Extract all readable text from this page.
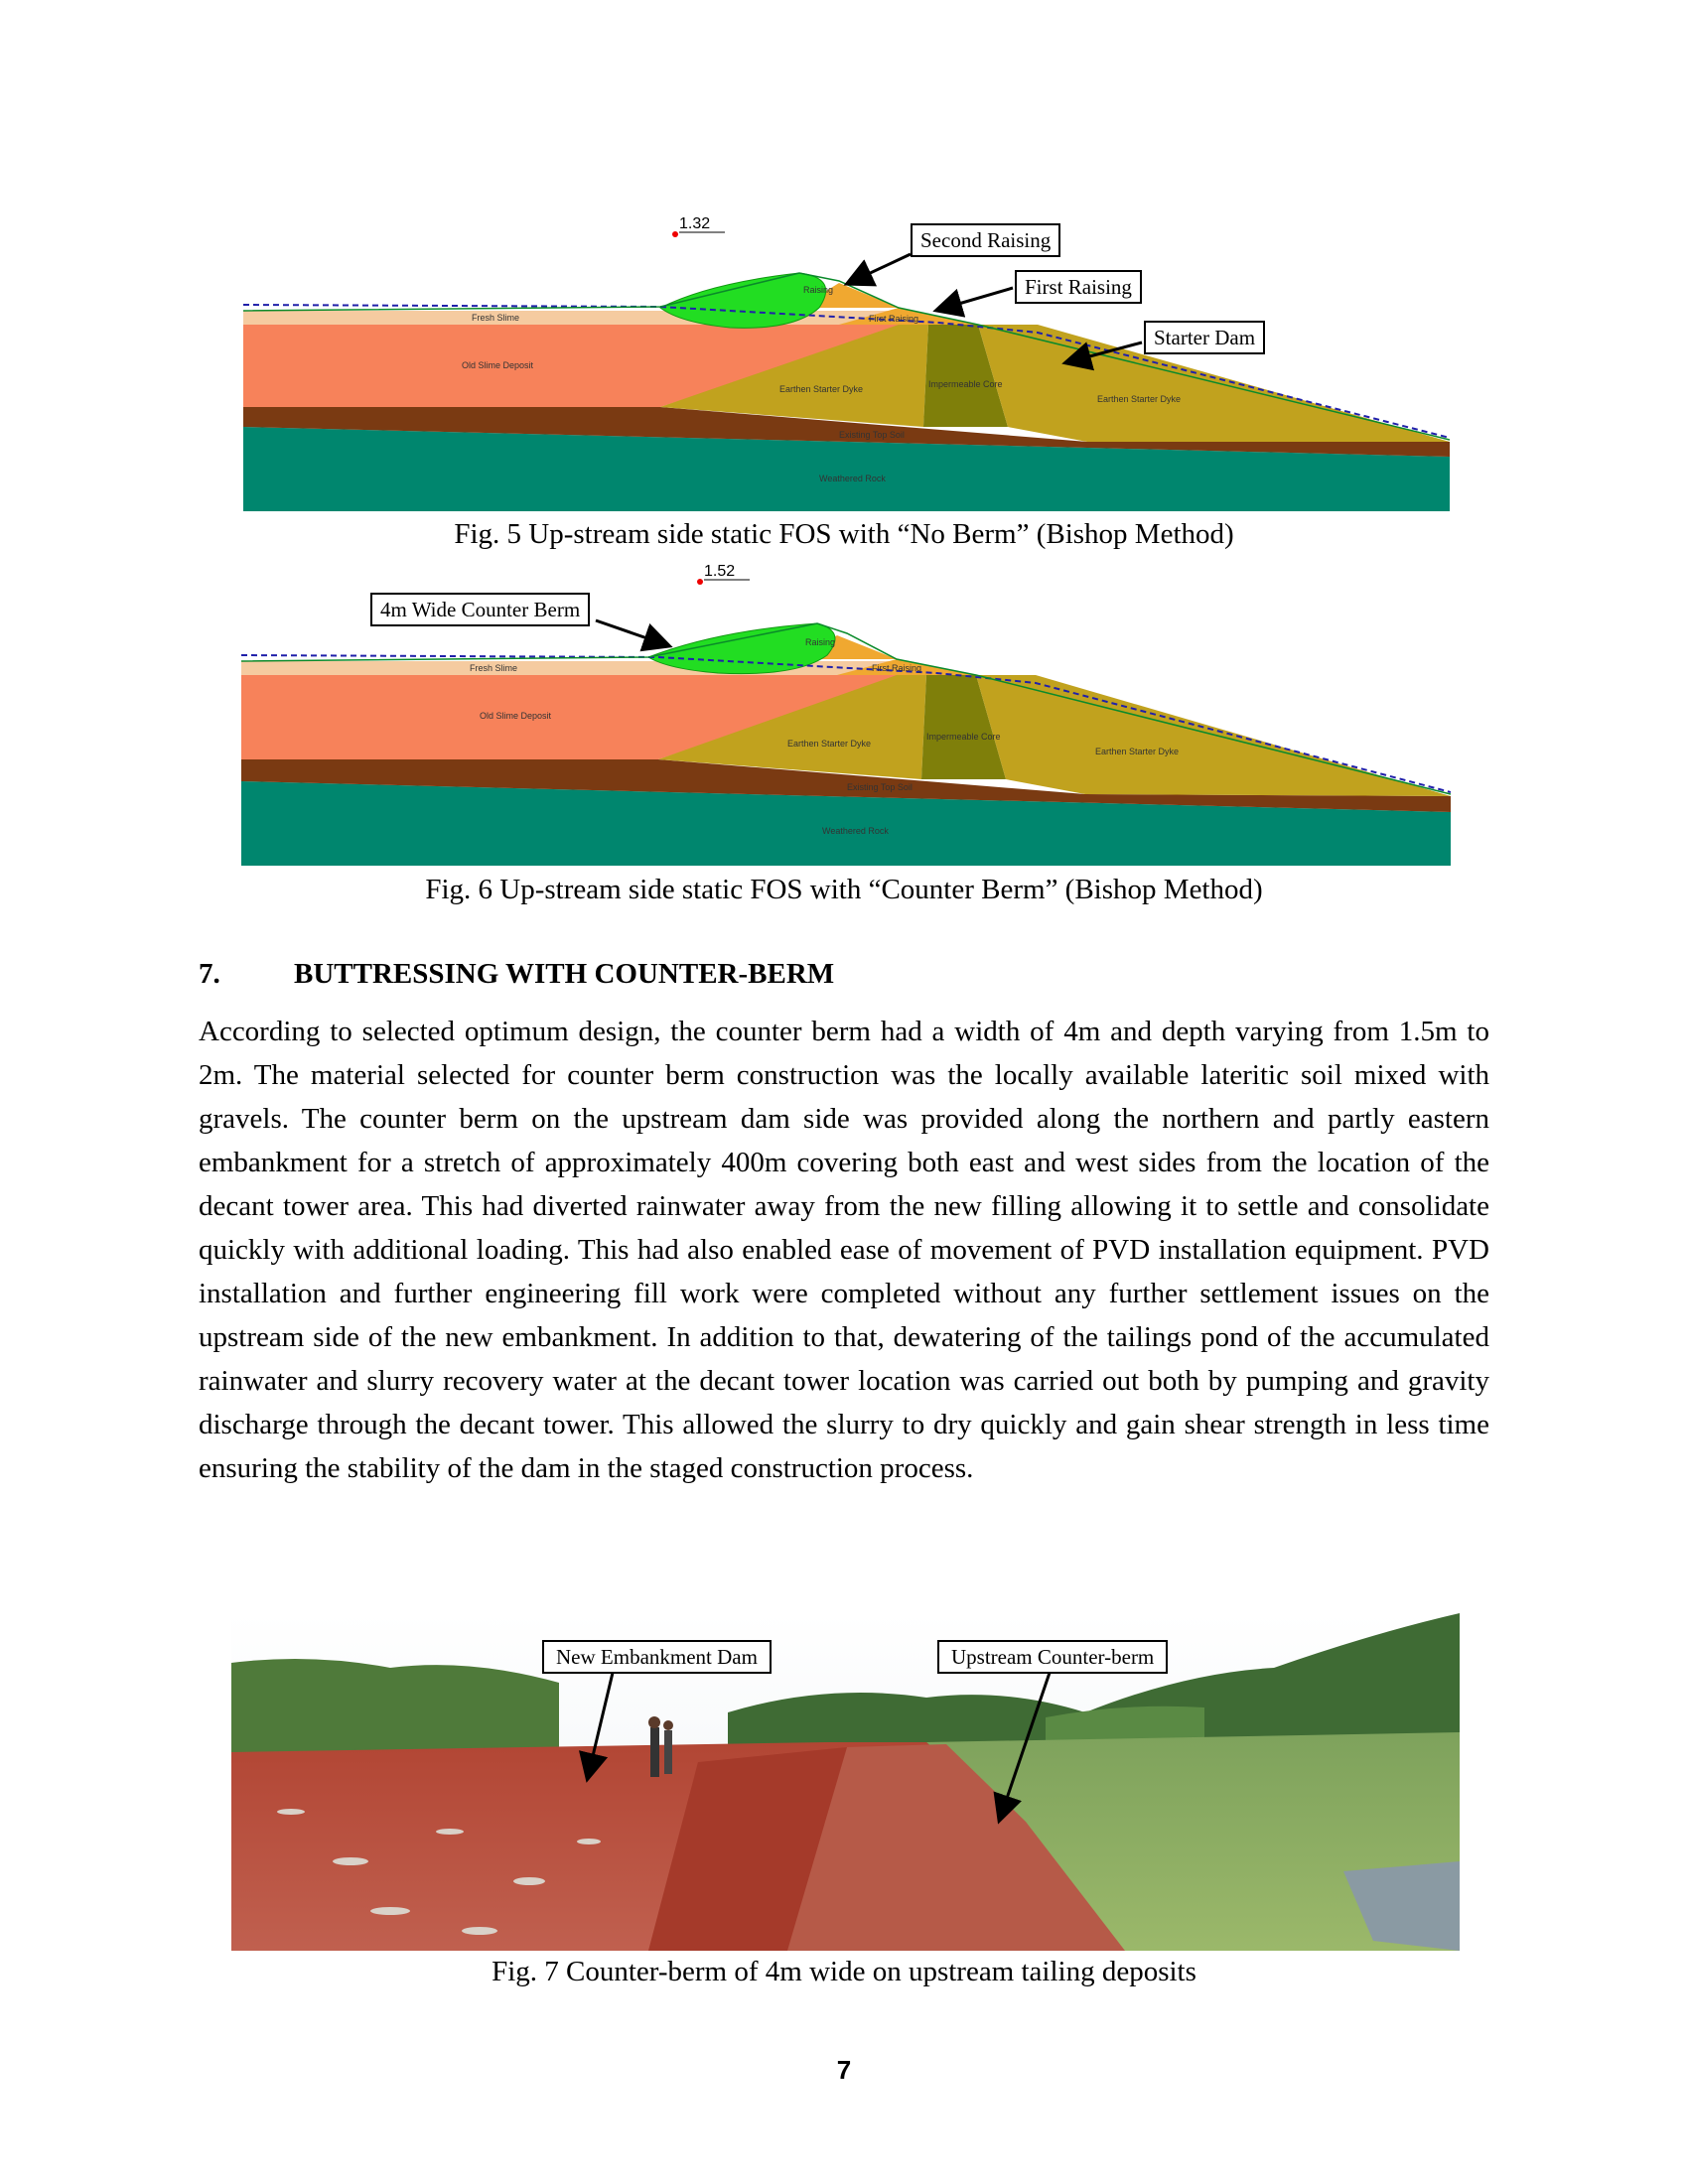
Fresh Slime
Old Slime Deposit
Earthen Starter Dyke	Impermeable Core
Earthen Starter Dyke
First Raising
Raising
Existing Top Soil
Weathered Rock
1.32
Second Raising
First Raising
Starter Dam
Fig. 5 Up-stream side static FOS with “No Berm” (Bishop Method)
Fresh Slime
Old Slime Deposit
Earthen Starter Dyke
Impermeable Core
Earthen Starter Dyke
First Raising
Raising
Existing Top Soil
Weathered Rock
1.52
4m Wide Counter Berm
Fig. 6 Up-stream side static FOS with “Counter Berm” (Bishop Method)
7.	BUTTRESSING WITH COUNTER-BERM
According to selected optimum design, the counter berm had a width of 4m and depth varying from 1.5m to 2m. The material selected for counter berm construction was the locally available lateritic soil mixed with gravels. The counter berm on the upstream dam side was provided along the northern and partly eastern embankment for a stretch of approximately 400m covering both east and west sides from the location of the decant tower area. This had diverted rainwater away from the new filling allowing it to settle and consolidate quickly with additional loading. This had also enabled ease of movement of PVD installation equipment. PVD installation and further engineering fill work were completed without any further settlement issues on the upstream side of the new embankment. In addition to that, dewatering of the tailings pond of the accumulated rainwater and slurry recovery water at the decant tower location was carried out both by pumping and gravity discharge through the decant tower. This allowed the slurry to dry quickly and gain shear strength in less time ensuring the stability of the dam in the staged construction process.
New Embankment Dam	Upstream Counter-berm
Fig. 7 Counter-berm of 4m wide on upstream tailing deposits
7
